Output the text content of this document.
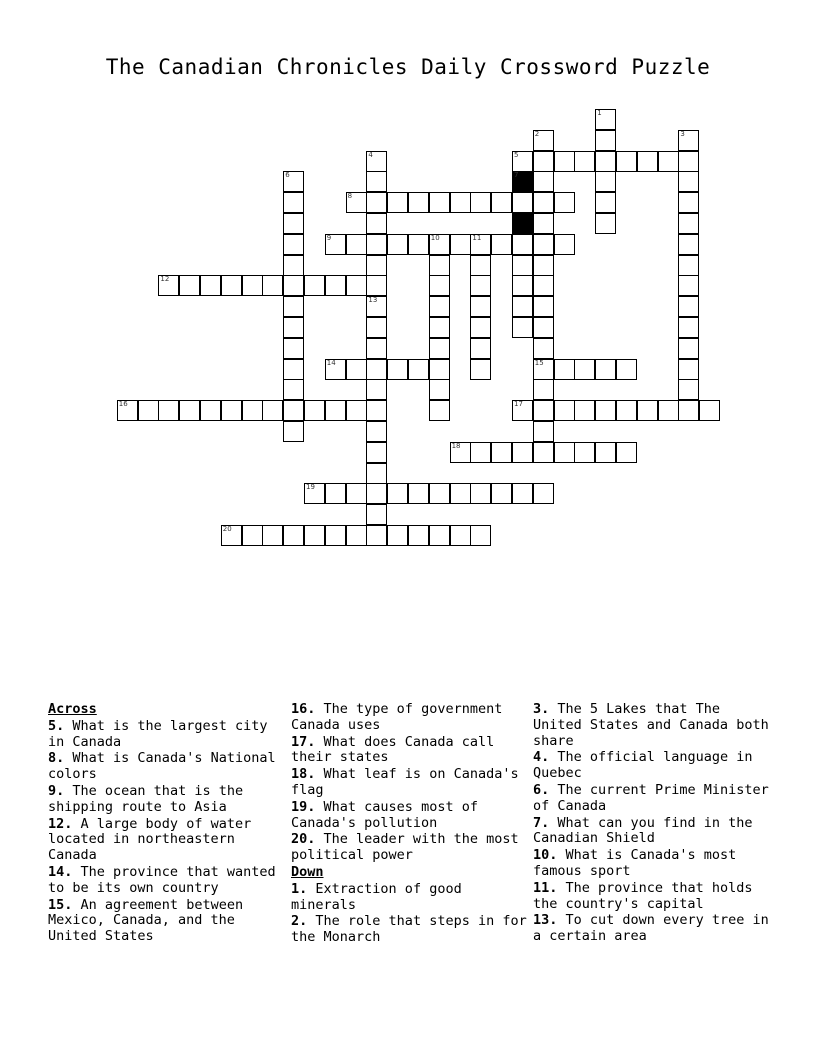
The Canadian Chronicles Daily Crossword Puzzle
5
8
9	10	11
12
14	15
16	17
18
19
20
1
2	3
4
6	7
13
Across
5. What is the largest city in Canada
8. What is Canada's National colors
9. The ocean that is the shipping route to Asia
12. A large body of water located in northeastern Canada
14. The province that wanted to be its own country
15. An agreement between Mexico, Canada, and the United States
16. The type of government Canada uses
17. What does Canada call their states
18. What leaf is on Canada's flag
19. What causes most of Canada's pollution
20. The leader with the most political power
Down
1. Extraction of good minerals
2. The role that steps in for the Monarch
3. The 5 Lakes that The United States and Canada both share
4. The official language in Quebec
6. The current Prime Minister of Canada
7. What can you find in the Canadian Shield
10. What is Canada's most famous sport
11. The province that holds the country's capital
13. To cut down every tree in a certain area
